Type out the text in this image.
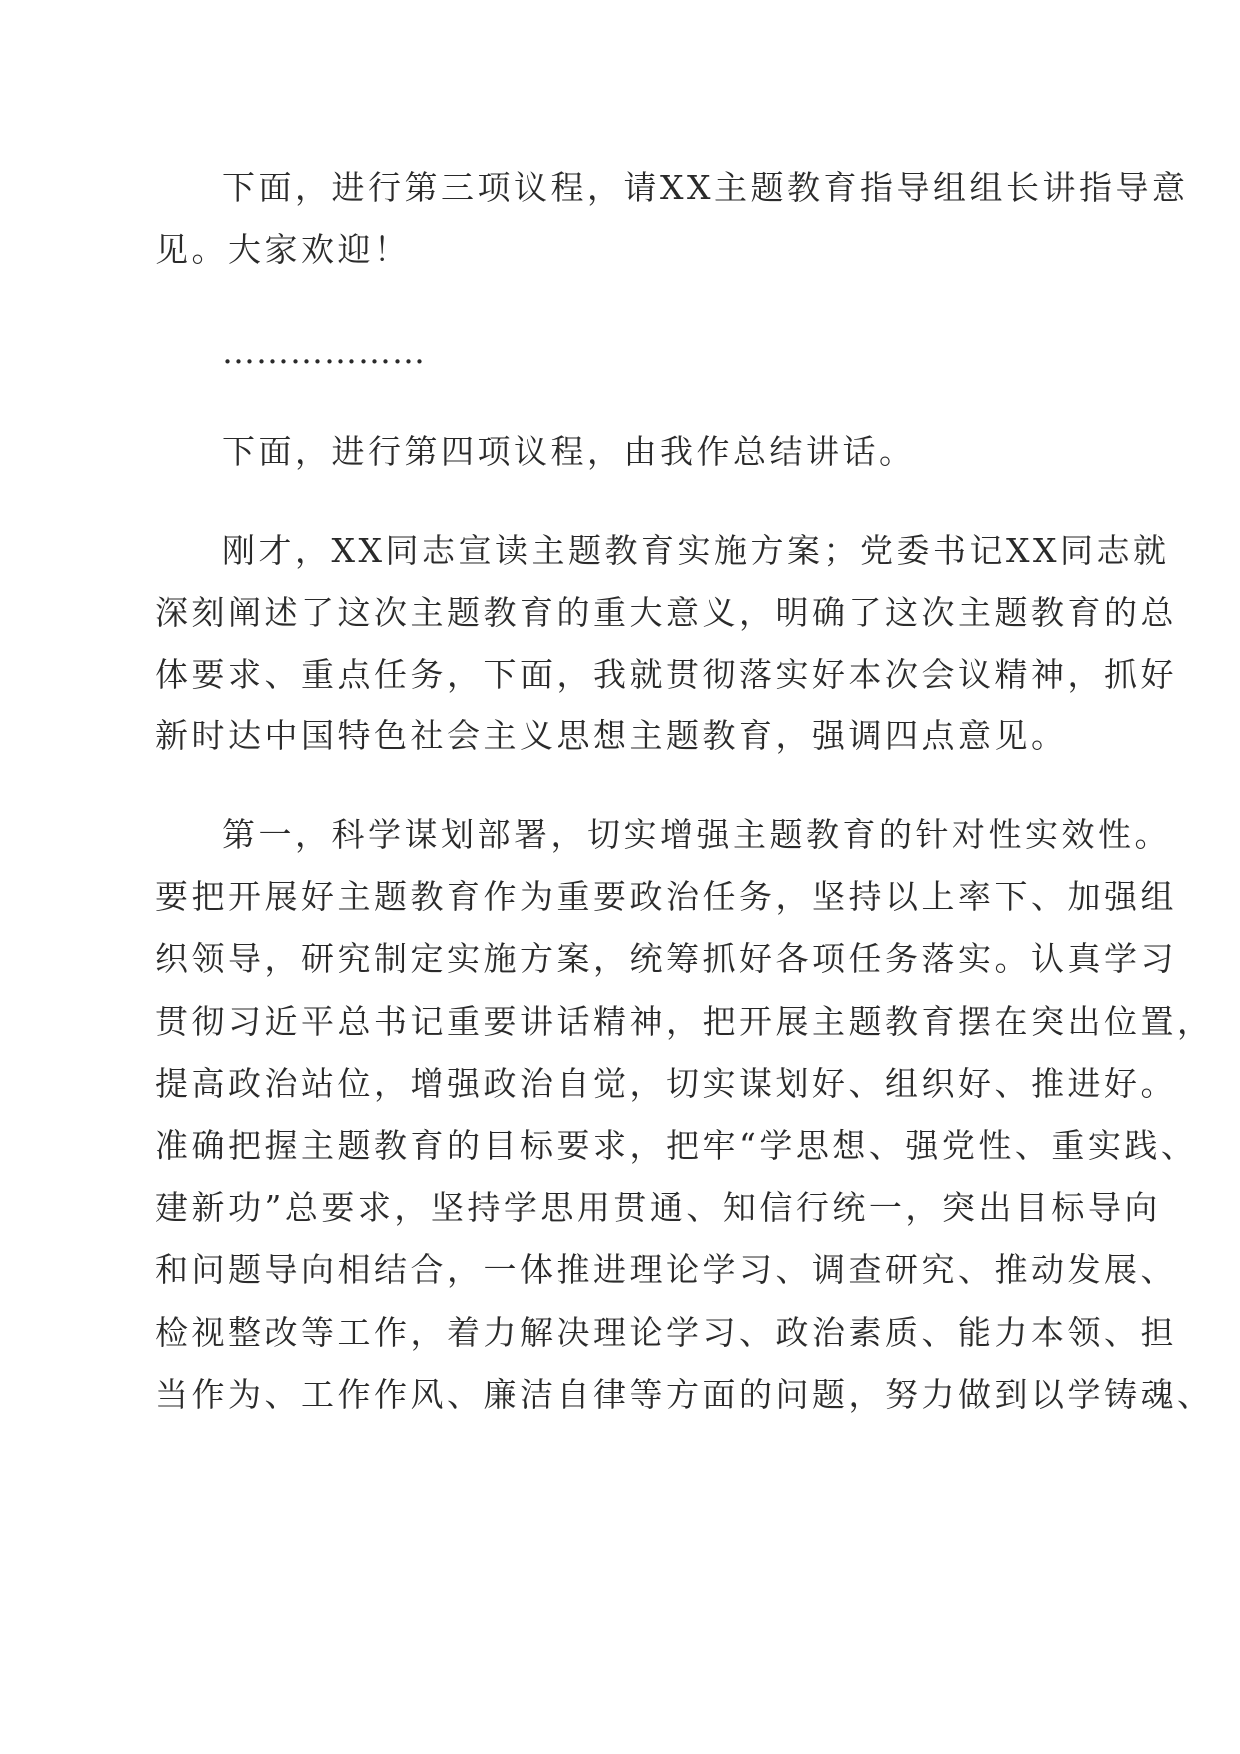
下面，进行第三项议程，请XX主题教育指导组组长讲指导意

见。大家欢迎！

………………

下面，进行第四项议程，由我作总结讲话。

刚才，XX同志宣读主题教育实施方案；党委书记XX同志就

深刻阐述了这次主题教育的重大意义，明确了这次主题教育的总

体要求、重点任务，下面，我就贯彻落实好本次会议精神，抓好

新时达中国特色社会主义思想主题教育，强调四点意见。

第一，科学谋划部署，切实增强主题教育的针对性实效性。

要把开展好主题教育作为重要政治任务，坚持以上率下、加强组

织领导，研究制定实施方案，统筹抓好各项任务落实。认真学习

贯彻习近平总书记重要讲话精神，把开展主题教育摆在突出位置，

提高政治站位，增强政治自觉，切实谋划好、组织好、推进好。

准确把握主题教育的目标要求，把牢“学思想、强党性、重实践、

建新功”总要求，坚持学思用贯通、知信行统一，突出目标导向

和问题导向相结合，一体推进理论学习、调查研究、推动发展、

检视整改等工作，着力解决理论学习、政治素质、能力本领、担

当作为、工作作风、廉洁自律等方面的问题，努力做到以学铸魂、
